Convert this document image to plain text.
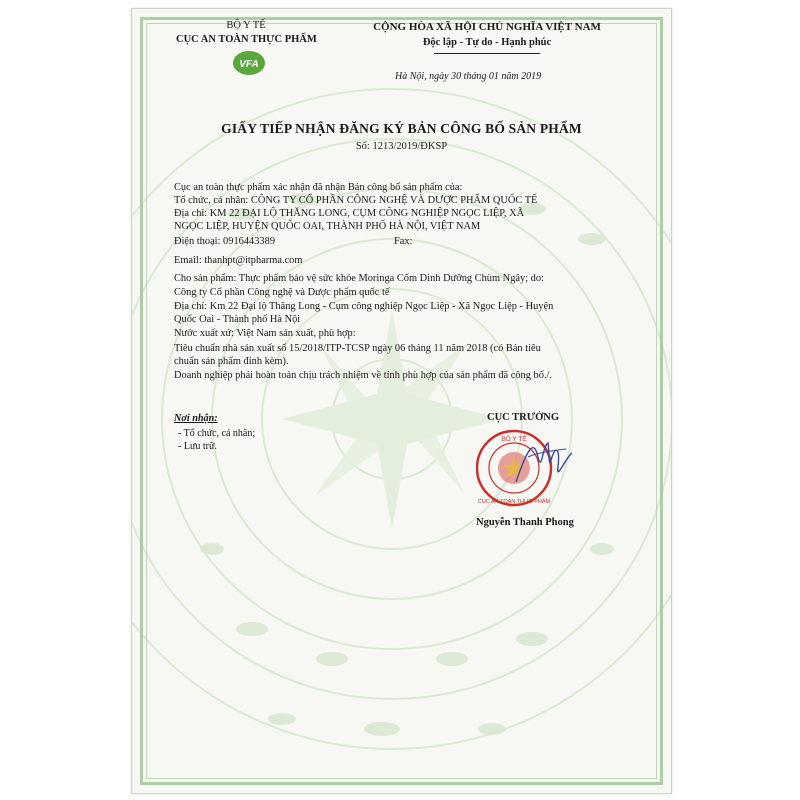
BỘ Y TẾ
CỤC AN TOÀN THỰC PHẨM
VFA
CỘNG HÒA XÃ HỘI CHỦ NGHĨA VIỆT NAM
Độc lập - Tự do - Hạnh phúc
Hà Nội, ngày 30 tháng 01 năm 2019
GIẤY TIẾP NHẬN ĐĂNG KÝ BẢN CÔNG BỐ SẢN PHẨM
Số: 1213/2019/ĐKSP
Cục an toàn thực phẩm xác nhận đã nhận Bản công bố sản phẩm của:
Tổ chức, cá nhân: CÔNG TY CỔ PHẦN CÔNG NGHỆ VÀ DƯỢC PHẨM QUỐC TẾ
Địa chỉ: KM 22 ĐẠI LỘ THĂNG LONG, CỤM CÔNG NGHIỆP NGỌC LIỆP, XÃ
NGỌC LIỆP, HUYỆN QUỐC OAI, THÀNH PHỐ HÀ NỘI, VIỆT NAM
Điện thoại: 0916443389	Fax:
Email: thanhpt@itpharma.com
Cho sản phẩm: Thực phẩm bảo vệ sức khỏe Moringa Cốm Dinh Dưỡng Chùm Ngây; do:
Công ty Cổ phần Công nghệ và Dược phẩm quốc tế
Địa chỉ: Km 22 Đại lộ Thăng Long - Cụm công nghiệp Ngọc Liệp - Xã Ngọc Liệp - Huyện
Quốc Oai - Thành phố Hà Nội
Nước xuất xứ: Việt Nam sản xuất, phù hợp:
Tiêu chuẩn nhà sản xuất số 15/2018/ITP-TCSP ngày 06 tháng 11 năm 2018 (có Bản tiêu
chuẩn sản phẩm đính kèm).
Doanh nghiệp phải hoàn toàn chịu trách nhiệm về tính phù hợp của sản phẩm đã công bố./.
Nơi nhận:
- Tổ chức, cá nhân;
- Lưu trữ.
CỤC TRƯỞNG
BỘ Y TẾ
CỤC AN TOÀN THỰC PHẨM
Nguyễn Thanh Phong
